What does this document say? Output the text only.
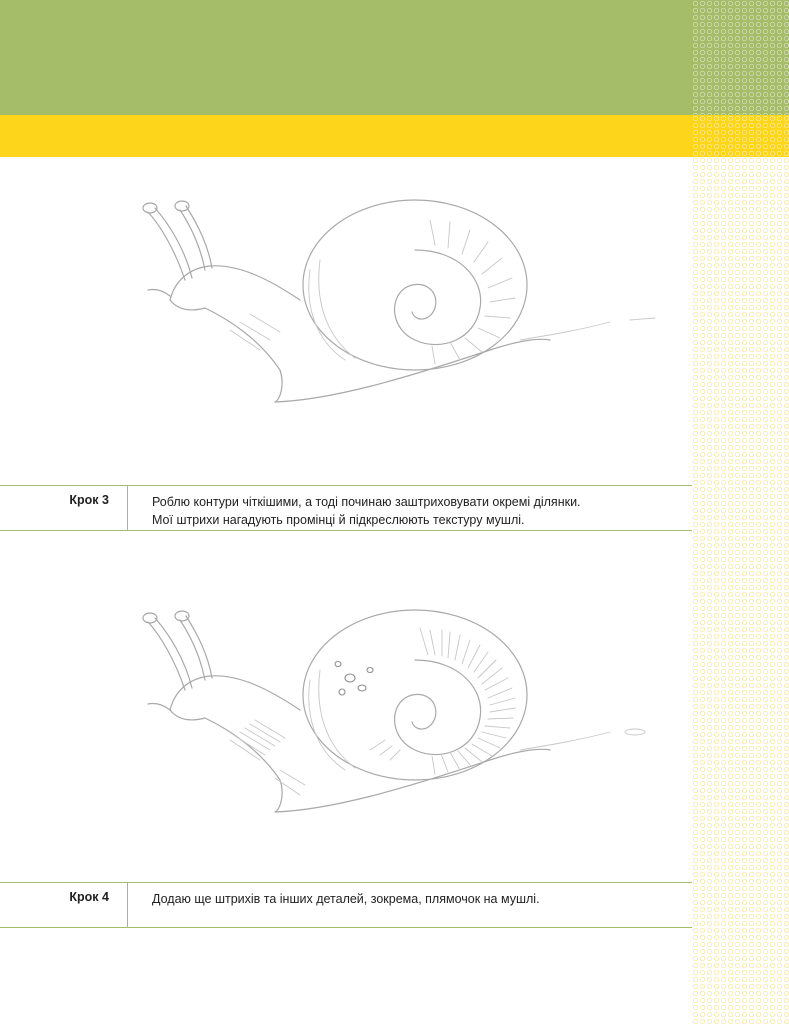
Крок 3	Роблю контури чіткішими, а тоді починаю заштриховувати окремі ділянки.
Мої штрихи нагадують промінці й підкреслюють текстуру мушлі.
Крок 4	Додаю ще штрихів та інших деталей, зокрема, плямочок на мушлі.
